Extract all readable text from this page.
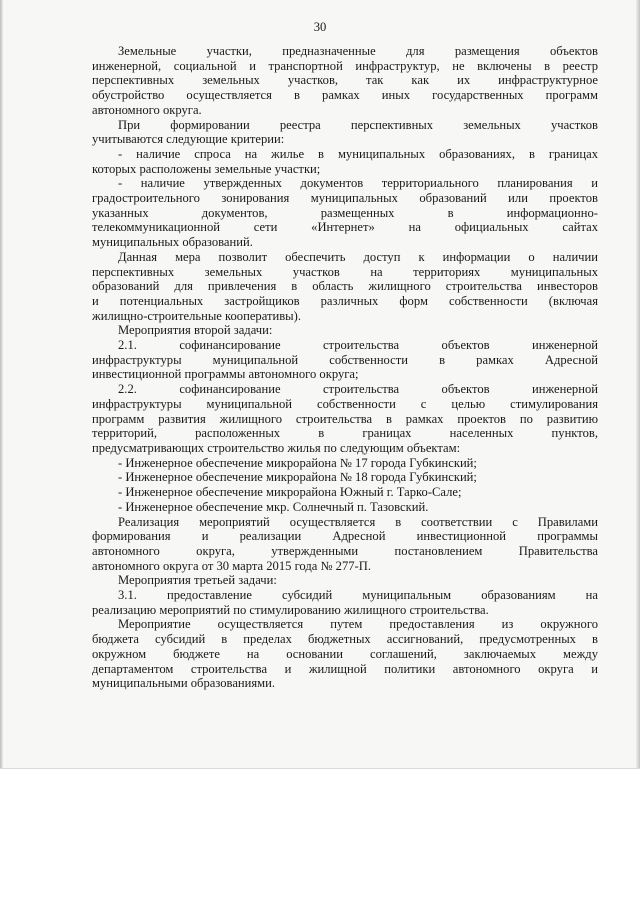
30

Земельные участки, предназначенные для размещения объектов

инженерной, социальной и транспортной инфраструктур, не включены в реестр

перспективных земельных участков, так как их инфраструктурное

обустройство осуществляется в рамках иных государственных программ

автономного округа.

При формировании реестра перспективных земельных участков

учитываются следующие критерии:

- наличие спроса на жилье в муниципальных образованиях, в границах

которых расположены земельные участки;

- наличие утвержденных документов территориального планирования и

градостроительного зонирования муниципальных образований или проектов

указанных документов, размещенных в информационно-

телекоммуникационной сети «Интернет» на официальных сайтах

муниципальных образований.

Данная мера позволит обеспечить доступ к информации о наличии

перспективных земельных участков на территориях муниципальных

образований для привлечения в область жилищного строительства инвесторов

и потенциальных застройщиков различных форм собственности (включая

жилищно-строительные кооперативы).

Мероприятия второй задачи:

2.1. софинансирование строительства объектов инженерной

инфраструктуры муниципальной собственности в рамках Адресной

инвестиционной программы автономного округа;

2.2. софинансирование строительства объектов инженерной

инфраструктуры муниципальной собственности с целью стимулирования

программ развития жилищного строительства в рамках проектов по развитию

территорий, расположенных в границах населенных пунктов,

предусматривающих строительство жилья по следующим объектам:

- Инженерное обеспечение микрорайона № 17 города Губкинский;

- Инженерное обеспечение микрорайона № 18 города Губкинский;

- Инженерное обеспечение микрорайона Южный г. Тарко-Сале;

- Инженерное обеспечение мкр. Солнечный п. Тазовский.

Реализация мероприятий осуществляется в соответствии с Правилами

формирования и реализации Адресной инвестиционной программы

автономного округа, утвержденными постановлением Правительства

автономного округа от 30 марта 2015 года № 277-П.

Мероприятия третьей задачи:

3.1. предоставление субсидий муниципальным образованиям на

реализацию мероприятий по стимулированию жилищного строительства.

Мероприятие осуществляется путем предоставления из окружного

бюджета субсидий в пределах бюджетных ассигнований, предусмотренных в

окружном бюджете на основании соглашений, заключаемых между

департаментом строительства и жилищной политики автономного округа и

муниципальными образованиями.
